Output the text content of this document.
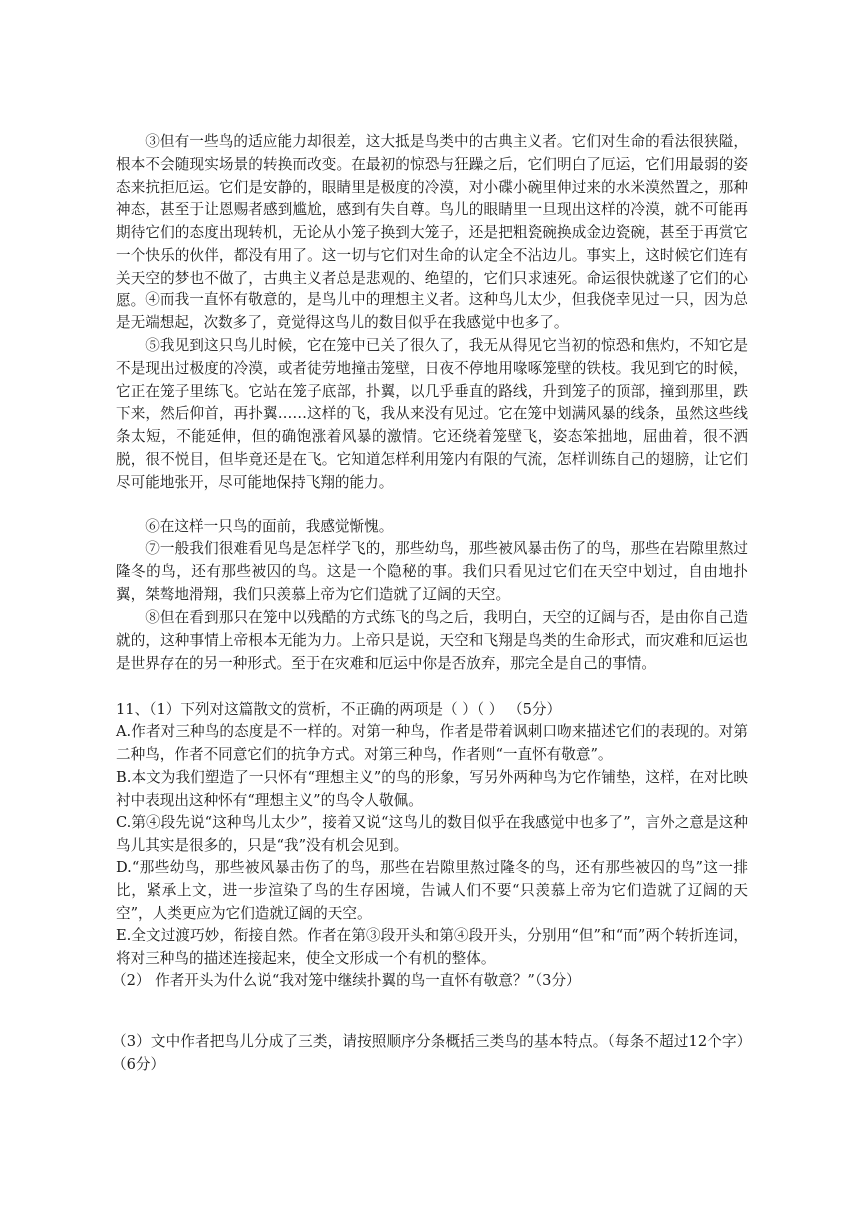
③但有一些鸟的适应能力却很差，这大抵是鸟类中的古典主义者。它们对生命的看法很狭隘，根本不会随现实场景的转换而改变。在最初的惊恐与狂躁之后，它们明白了厄运，它们用最弱的姿态来抗拒厄运。它们是安静的，眼睛里是极度的冷漠，对小碟小碗里伸过来的水米漠然置之，那种神态，甚至于让恩赐者感到尴尬，感到有失自尊。鸟儿的眼睛里一旦现出这样的冷漠，就不可能再期待它们的态度出现转机，无论从小笼子换到大笼子，还是把粗瓷碗换成金边瓷碗，甚至于再赏它一个快乐的伙伴，都没有用了。这一切与它们对生命的认定全不沾边儿。事实上，这时候它们连有关天空的梦也不做了，古典主义者总是悲观的、绝望的，它们只求速死。命运很快就遂了它们的心愿。 ④而我一直怀有敬意的，是鸟儿中的理想主义者。这种鸟儿太少，但我侥幸见过一只，因为总是无端想起，次数多了，竟觉得这鸟儿的数目似乎在我感觉中也多了。

⑤我见到这只鸟儿时候，它在笼中已关了很久了，我无从得见它当初的惊恐和焦灼，不知它是不是现出过极度的冷漠，或者徒劳地撞击笼壁，日夜不停地用喙啄笼壁的铁枝。我见到它的时候，它正在笼子里练飞。它站在笼子底部，扑翼，以几乎垂直的路线，升到笼子的顶部，撞到那里，跌下来，然后仰首，再扑翼……这样的飞，我从来没有见过。它在笼中划满风暴的线条，虽然这些线条太短，不能延伸，但的确饱涨着风暴的激情。它还绕着笼壁飞，姿态笨拙地，屈曲着，很不洒脱，很不悦目，但毕竟还是在飞。它知道怎样利用笼内有限的气流，怎样训练自己的翅膀，让它们尽可能地张开，尽可能地保持飞翔的能力。

⑥在这样一只鸟的面前，我感觉惭愧。

⑦一般我们很难看见鸟是怎样学飞的，那些幼鸟，那些被风暴击伤了的鸟，那些在岩隙里熬过隆冬的鸟，还有那些被囚的鸟。这是一个隐秘的事。我们只看见过它们在天空中划过，自由地扑翼，桀骜地滑翔，我们只羡慕上帝为它们造就了辽阔的天空。

⑧但在看到那只在笼中以残酷的方式练飞的鸟之后，我明白，天空的辽阔与否，是由你自己造就的，这种事情上帝根本无能为力。上帝只是说，天空和飞翔是鸟类的生命形式，而灾难和厄运也是世界存在的另一种形式。至于在灾难和厄运中你是否放弃，那完全是自己的事情。

11、（1）下列对这篇散文的赏析，不正确的两项是（ ）（ ） （5分）

A.作者对三种鸟的态度是不一样的。对第一种鸟，作者是带着讽刺口吻来描述它们的表现的。对第二种鸟，作者不同意它们的抗争方式。对第三种鸟，作者则“一直怀有敬意”。

B.本文为我们塑造了一只怀有“理想主义”的鸟的形象，写另外两种鸟为它作铺垫，这样，在对比映衬中表现出这种怀有“理想主义”的鸟令人敬佩。

C.第④段先说“这种鸟儿太少”，接着又说“这鸟儿的数目似乎在我感觉中也多了”，言外之意是这种鸟儿其实是很多的，只是“我”没有机会见到。

D.“那些幼鸟，那些被风暴击伤了的鸟，那些在岩隙里熬过隆冬的鸟，还有那些被囚的鸟”这一排比，紧承上文，进一步渲染了鸟的生存困境，告诫人们不要“只羡慕上帝为它们造就了辽阔的天空”，人类更应为它们造就辽阔的天空。

E.全文过渡巧妙，衔接自然。作者在第③段开头和第④段开头，分别用“但”和“而”两个转折连词，将对三种鸟的描述连接起来，使全文形成一个有机的整体。

（2） 作者开头为什么说“我对笼中继续扑翼的鸟一直怀有敬意？”（3分）

（3）文中作者把鸟儿分成了三类，请按照顺序分条概括三类鸟的基本特点。（每条不超过12个字）（6分）
